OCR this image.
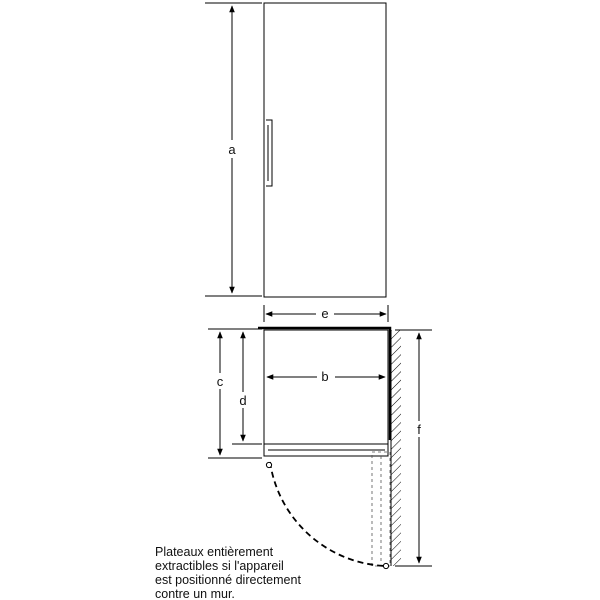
a
e
b
c
d
f
Plateaux entièrement
extractibles si l'appareil
est positionné directement
contre un mur.
